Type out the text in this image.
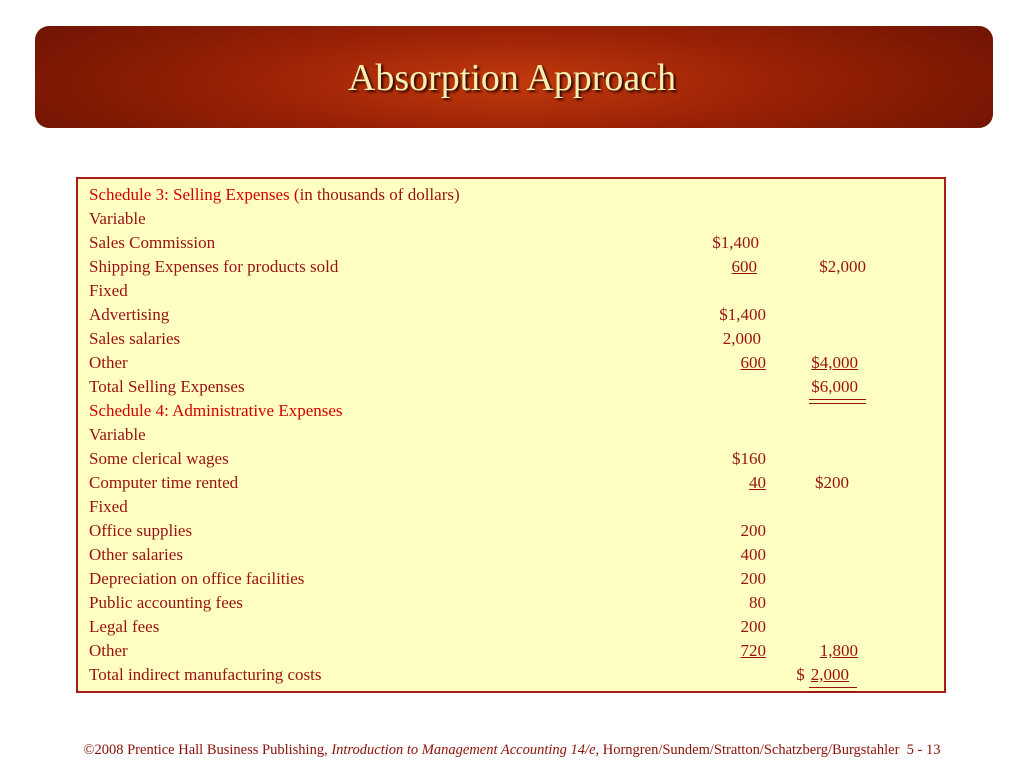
Absorption Approach
Schedule 3: Selling Expenses (in thousands of dollars)
Variable
Sales Commission	$1,400
Shipping Expenses for products sold	600	$2,000
Fixed
Advertising	$1,400
Sales salaries	2,000
Other	600	$4,000
Total Selling Expenses	$6,000
Schedule 4: Administrative Expenses
Variable
Some clerical wages	$160
Computer time rented	40	$200
Fixed
Office supplies	200
Other salaries	400
Depreciation on office facilities	200
Public accounting fees	80
Legal fees	200
Other	720	1,800
Total indirect manufacturing costs	$ 2,000
©2008 Prentice Hall Business Publishing, Introduction to Management Accounting 14/e, Horngren/Sundem/Stratton/Schatzberg/Burgstahler 5 - 13
